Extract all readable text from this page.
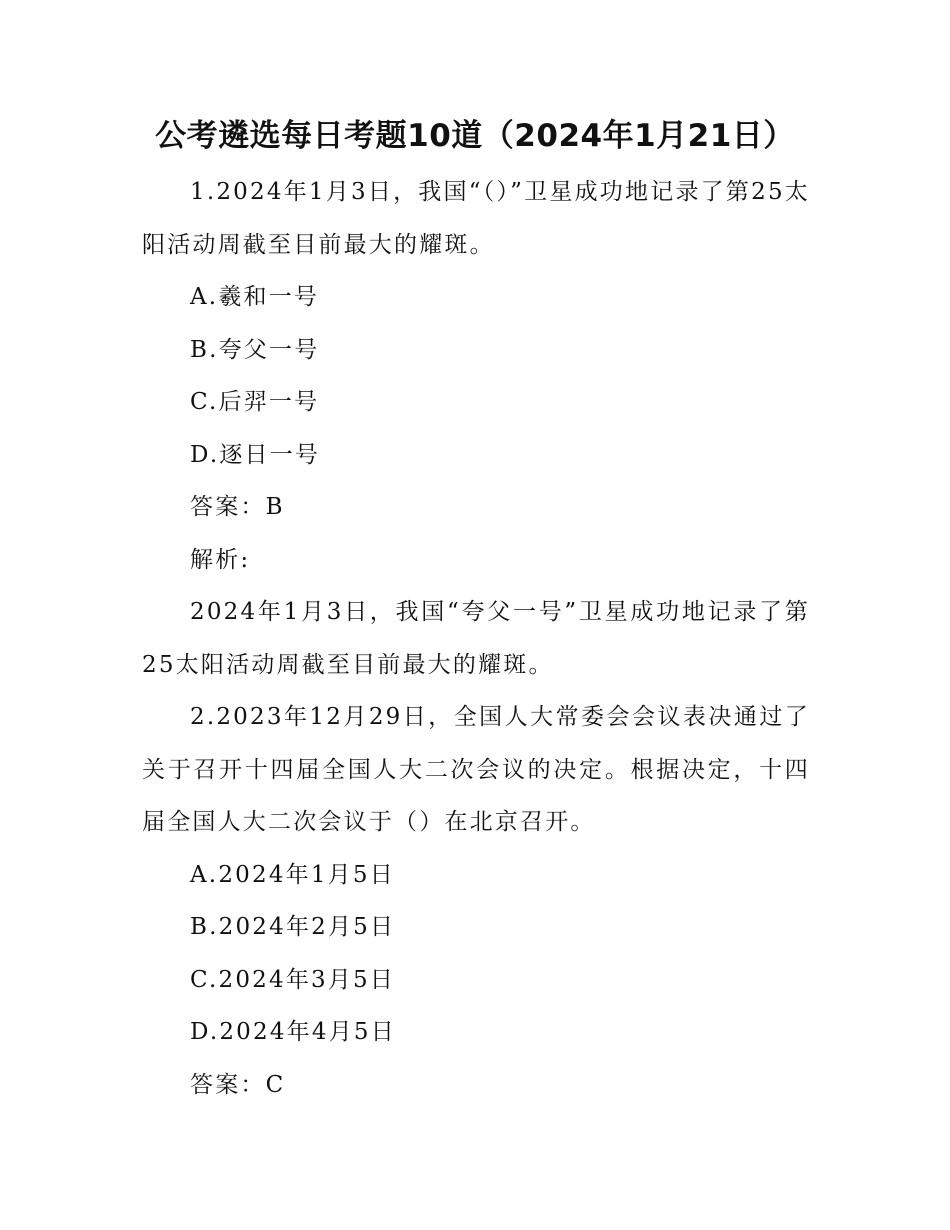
公考遴选每日考题10道（2024年1月21日）

1.2024年1月3日，我国“（）”卫星成功地记录了第25太阳活动周截至目前最大的耀斑。

A.羲和一号

B.夸父一号

C.后羿一号

D.逐日一号

答案：B

解析:

2024年1月3日，我国“夸父一号”卫星成功地记录了第25太阳活动周截至目前最大的耀斑。

2.2023年12月29日，全国人大常委会会议表决通过了关于召开十四届全国人大二次会议的决定。根据决定，十四届全国人大二次会议于（）在北京召开。

A.2024年1月5日

B.2024年2月5日

C.2024年3月5日

D.2024年4月5日

答案：C
